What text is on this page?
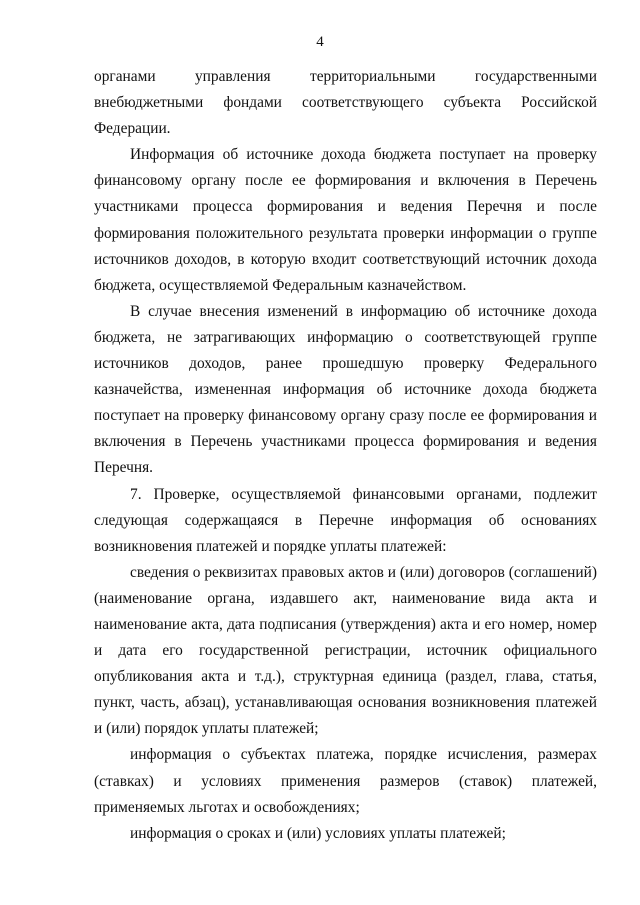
4

органами управления территориальными государственными внебюджетными фондами соответствующего субъекта Российской Федерации.

Информация об источнике дохода бюджета поступает на проверку финансовому органу после ее формирования и включения в Перечень участниками процесса формирования и ведения Перечня и после формирования положительного результата проверки информации о группе источников доходов, в которую входит соответствующий источник дохода бюджета, осуществляемой Федеральным казначейством.

В случае внесения изменений в информацию об источнике дохода бюджета, не затрагивающих информацию о соответствующей группе источников доходов, ранее прошедшую проверку Федерального казначейства, измененная информация об источнике дохода бюджета поступает на проверку финансовому органу сразу после ее формирования и включения в Перечень участниками процесса формирования и ведения Перечня.

7. Проверке, осуществляемой финансовыми органами, подлежит следующая содержащаяся в Перечне информация об основаниях возникновения платежей и порядке уплаты платежей:

сведения о реквизитах правовых актов и (или) договоров (соглашений) (наименование органа, издавшего акт, наименование вида акта и наименование акта, дата подписания (утверждения) акта и его номер, номер и дата его государственной регистрации, источник официального опубликования акта и т.д.), структурная единица (раздел, глава, статья, пункт, часть, абзац), устанавливающая основания возникновения платежей и (или) порядок уплаты платежей;

информация о субъектах платежа, порядке исчисления, размерах (ставках) и условиях применения размеров (ставок) платежей, применяемых льготах и освобождениях;

информация о сроках и (или) условиях уплаты платежей;
